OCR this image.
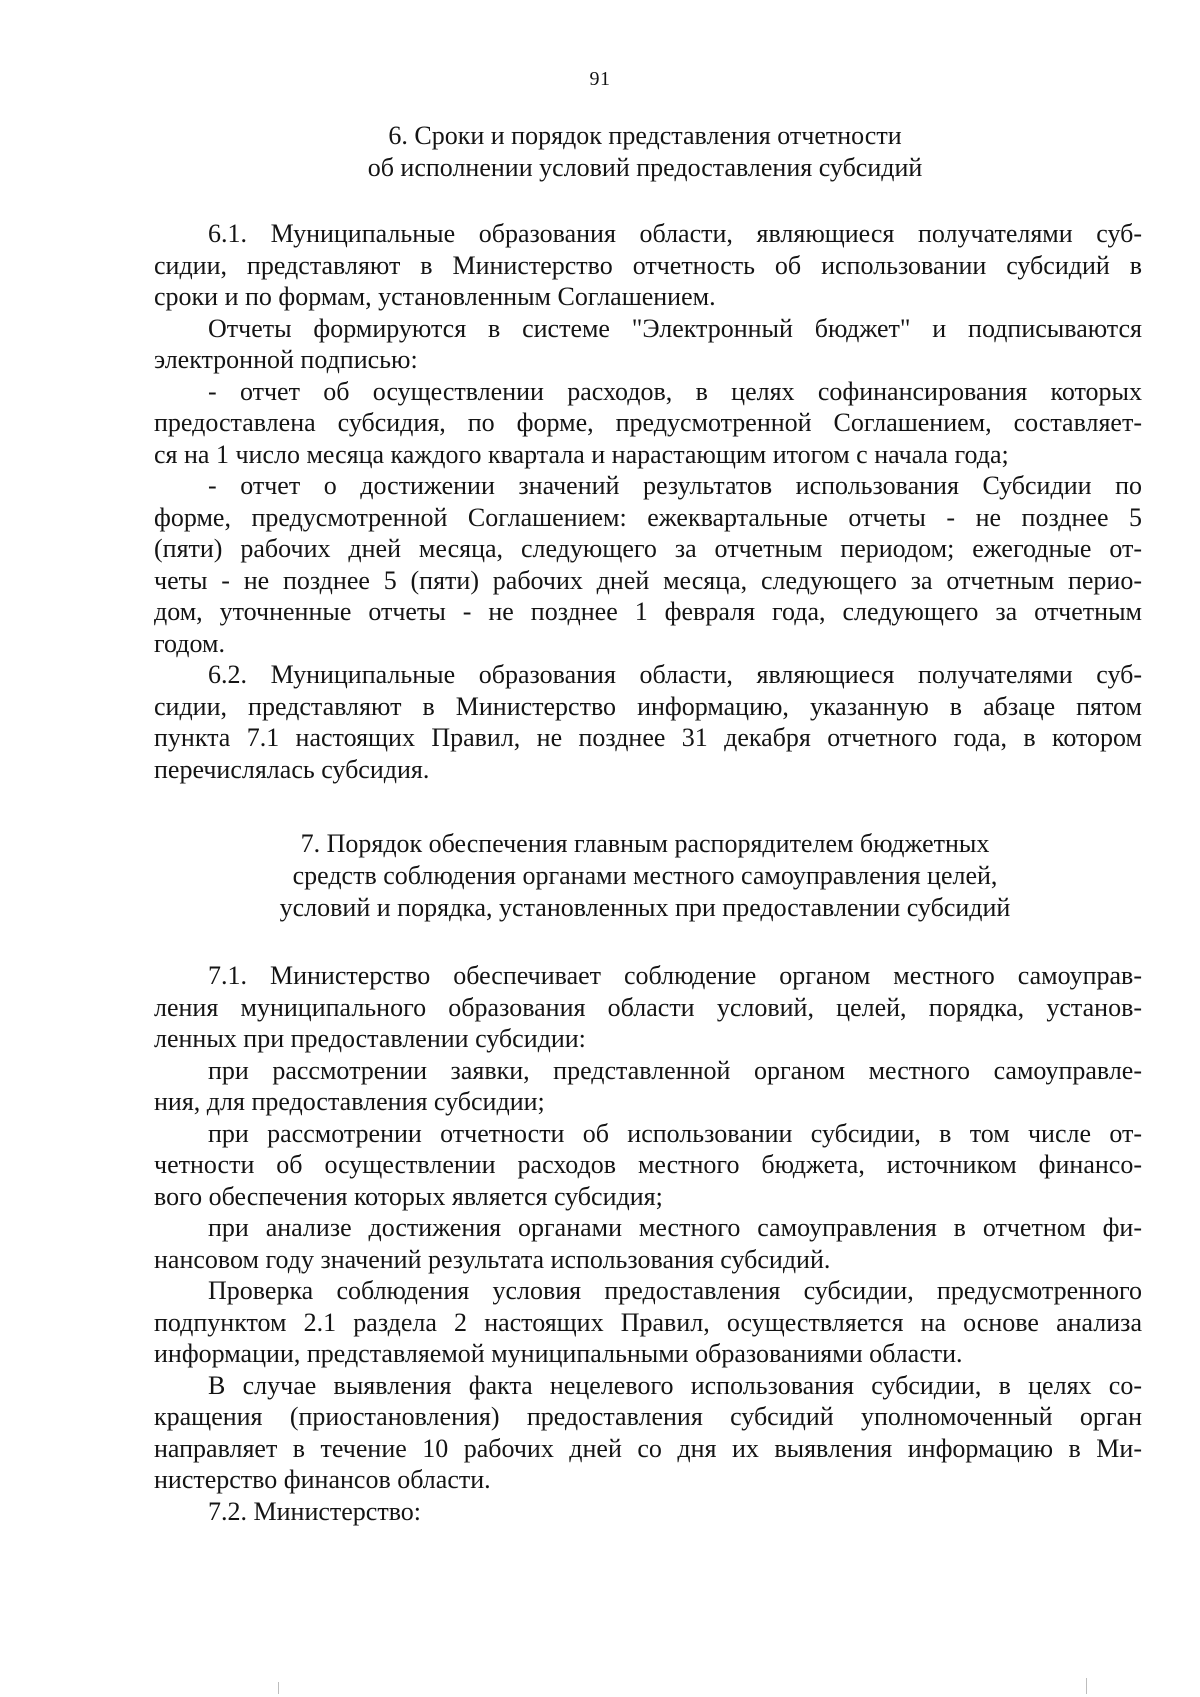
91
6. Сроки и порядок представления отчетности
об исполнении условий предоставления субсидий
6.1. Муниципальные образования области, являющиеся получателями суб-
сидии, представляют в Министерство отчетность об использовании субсидий в
сроки и по формам, установленным Соглашением.
Отчеты формируются в системе "Электронный бюджет" и подписываются
электронной подписью:
- отчет об осуществлении расходов, в целях софинансирования которых
предоставлена субсидия, по форме, предусмотренной Соглашением, составляет-
ся на 1 число месяца каждого квартала и нарастающим итогом с начала года;
- отчет о достижении значений результатов использования Субсидии по
форме, предусмотренной Соглашением: ежеквартальные отчеты - не позднее 5
(пяти) рабочих дней месяца, следующего за отчетным периодом; ежегодные от-
четы - не позднее 5 (пяти) рабочих дней месяца, следующего за отчетным перио-
дом, уточненные отчеты - не позднее 1 февраля года, следующего за отчетным
годом.
6.2. Муниципальные образования области, являющиеся получателями суб-
сидии, представляют в Министерство информацию, указанную в абзаце пятом
пункта 7.1 настоящих Правил, не позднее 31 декабря отчетного года, в котором
перечислялась субсидия.
7. Порядок обеспечения главным распорядителем бюджетных
средств соблюдения органами местного самоуправления целей,
условий и порядка, установленных при предоставлении субсидий
7.1. Министерство обеспечивает соблюдение органом местного самоуправ-
ления муниципального образования области условий, целей, порядка, установ-
ленных при предоставлении субсидии:
при рассмотрении заявки, представленной органом местного самоуправле-
ния, для предоставления субсидии;
при рассмотрении отчетности об использовании субсидии, в том числе от-
четности об осуществлении расходов местного бюджета, источником финансо-
вого обеспечения которых является субсидия;
при анализе достижения органами местного самоуправления в отчетном фи-
нансовом году значений результата использования субсидий.
Проверка соблюдения условия предоставления субсидии, предусмотренного
подпунктом 2.1 раздела 2 настоящих Правил, осуществляется на основе анализа
информации, представляемой муниципальными образованиями области.
В случае выявления факта нецелевого использования субсидии, в целях со-
кращения (приостановления) предоставления субсидий уполномоченный орган
направляет в течение 10 рабочих дней со дня их выявления информацию в Ми-
нистерство финансов области.
7.2. Министерство:
